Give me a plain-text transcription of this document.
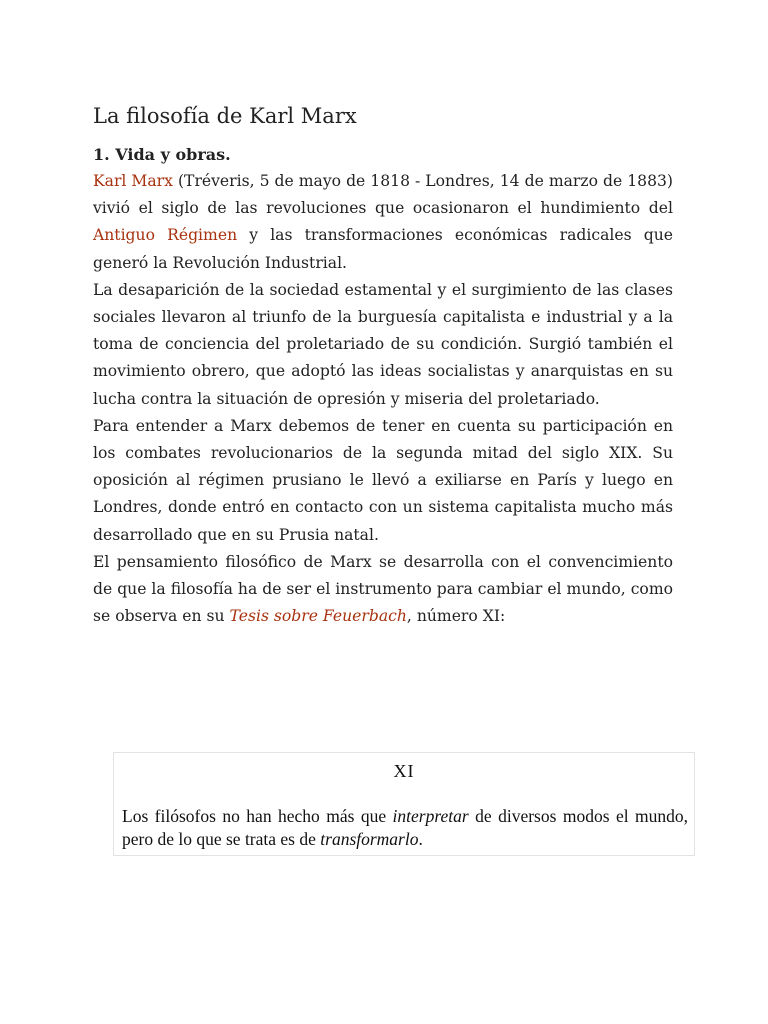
La filosofía de Karl Marx
1. Vida y obras.

Karl Marx (Tréveris, 5 de mayo de 1818 - Londres, 14 de marzo de 1883) vivió el siglo de las revoluciones que ocasionaron el hundimiento del Antiguo Régimen y las transformaciones económicas radicales que generó la Revolución Industrial.

La desaparición de la sociedad estamental y el surgimiento de las clases sociales llevaron al triunfo de la burguesía capitalista e industrial y a la toma de conciencia del proletariado de su condición. Surgió también el movimiento obrero, que adoptó las ideas socialistas y anarquistas en su lucha contra la situación de opresión y miseria del proletariado.

Para entender a Marx debemos de tener en cuenta su participación en los combates revolucionarios de la segunda mitad del siglo XIX. Su oposición al régimen prusiano le llevó a exiliarse en París y luego en Londres, donde entró en contacto con un sistema capitalista mucho más desarrollado que en su Prusia natal.

El pensamiento filosófico de Marx se desarrolla con el convencimiento de que la filosofía ha de ser el instrumento para cambiar el mundo, como se observa en su Tesis sobre Feuerbach, número XI:

XI
Los filósofos no han hecho más que interpretar de diversos modos el mundo, pero de lo que se trata es de transformarlo.
